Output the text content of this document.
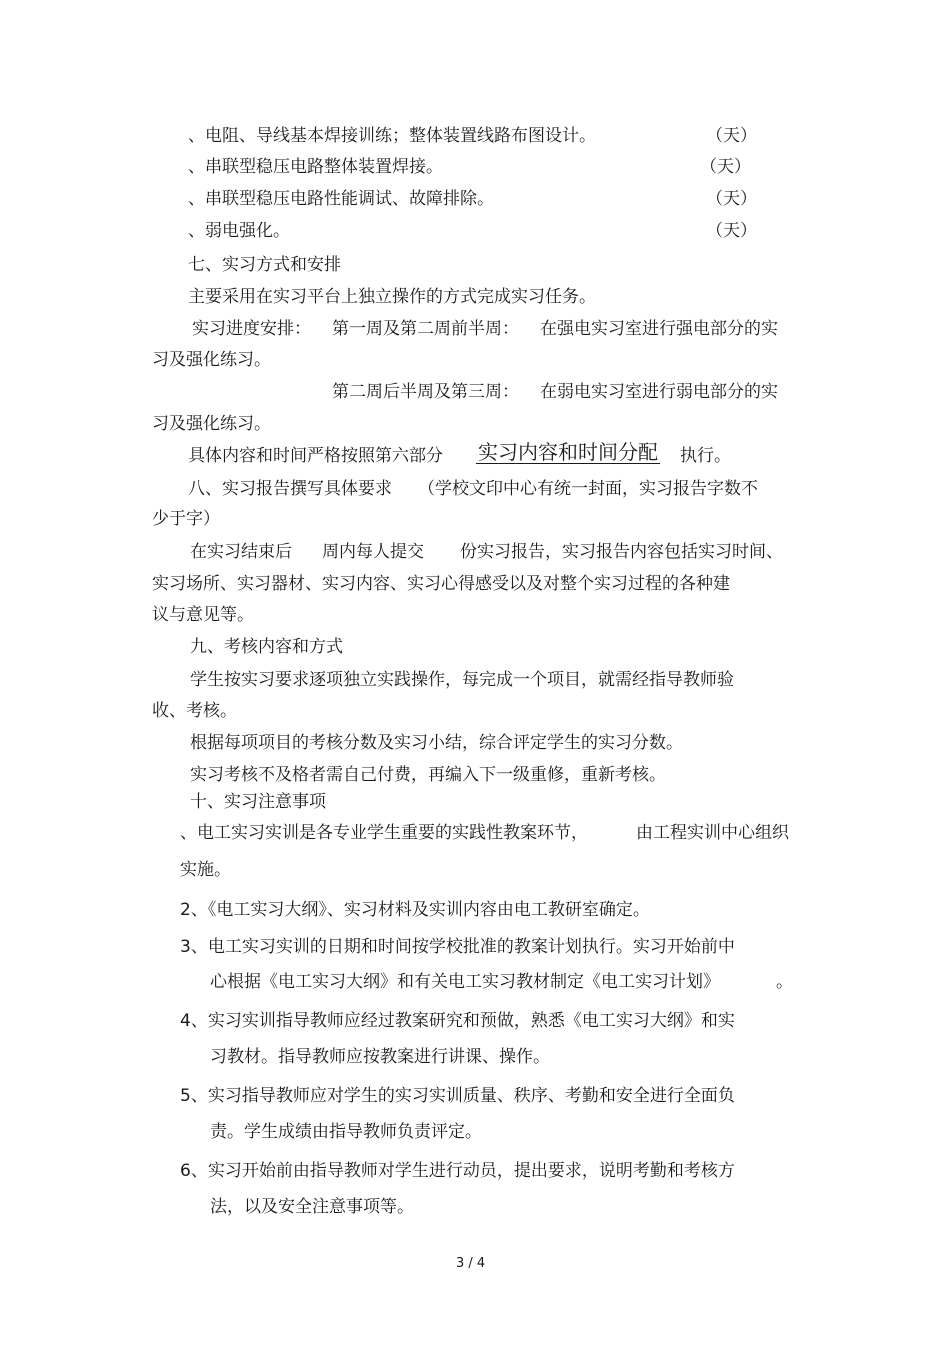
、电阻、导线基本焊接训练；整体装置线路布图设计。	（天）
、串联型稳压电路整体装置焊接。	（天）
、串联型稳压电路性能调试、故障排除。	（天）
、弱电强化。	（天）
七、实习方式和安排
主要采用在实习平台上独立操作的方式完成实习任务。
实习进度安排： 第一周及第二周前半周： 在强电实习室进行强电部分的实
习及强化练习。
第二周后半周及第三周： 在弱电实习室进行弱电部分的实
习及强化练习。
具体内容和时间严格按照第六部分 实习内容和时间分配 执行。
八、实习报告撰写具体要求 （学校文印中心有统一封面，实习报告字数不
少于字）
在实习结束后 周内每人提交 份实习报告，实习报告内容包括实习时间、
实习场所、实习器材、实习内容、实习心得感受以及对整个实习过程的各种建
议与意见等。
九、考核内容和方式
学生按实习要求逐项独立实践操作，每完成一个项目，就需经指导教师验
收、考核。
根据每项项目的考核分数及实习小结，综合评定学生的实习分数。
实习考核不及格者需自己付费，再编入下一级重修，重新考核。
十、实习注意事项
、电工实习实训是各专业学生重要的实践性教案环节，	由工程实训中心组织
实施。
2、《电工实习大纲》、实习材料及实训内容由电工教研室确定。
3、电工实习实训的日期和时间按学校批准的教案计划执行。实习开始前中
心根据《电工实习大纲》和有关电工实习教材制定《电工实习计划》	。
4、实习实训指导教师应经过教案研究和预做，熟悉《电工实习大纲》和实
习教材。指导教师应按教案进行讲课、操作。
5、实习指导教师应对学生的实习实训质量、秩序、考勤和安全进行全面负
责。学生成绩由指导教师负责评定。
6、实习开始前由指导教师对学生进行动员，提出要求，说明考勤和考核方
法，以及安全注意事项等。
3 / 4
